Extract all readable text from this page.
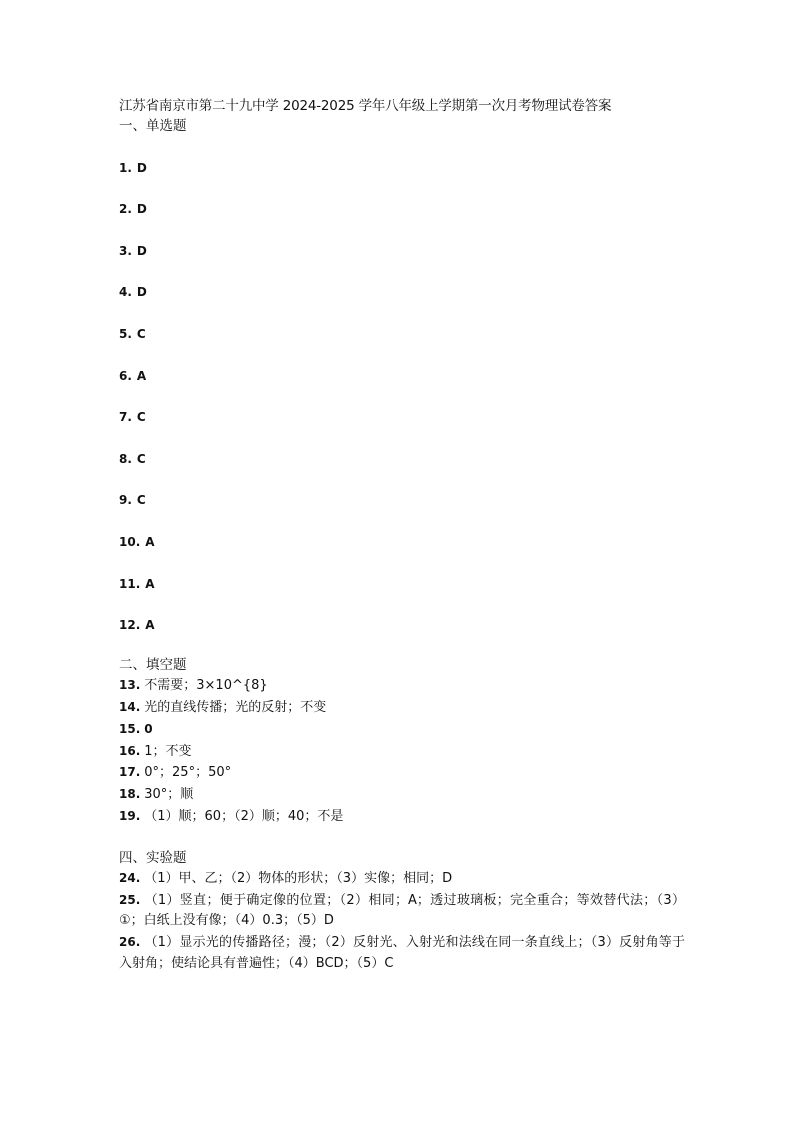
江苏省南京市第二十九中学 2024-2025 学年八年级上学期第一次月考物理试卷答案

一、单选题
1. D
2. D
3. D
4. D
5. C
6. A
7. C
8. C
9. C
10. A
11. A
12. A
二、填空题

13. 不需要；3×10^{8}

14. 光的直线传播；光的反射；不变

15. 0

16. 1；不变

17. 0°；25°；50°

18. 30°；顺

19. （1）顺；60；（2）顺；40；不是

四、实验题

24. （1）甲、乙；（2）物体的形状；（3）实像；相同；D

25. （1）竖直；便于确定像的位置；（2）相同；A；透过玻璃板；完全重合；等效替代法；（3）①；白纸上没有像；（4）0.3；（5）D

26. （1）显示光的传播路径；漫；（2）反射光、入射光和法线在同一条直线上；（3）反射角等于入射角；使结论具有普遍性；（4）BCD；（5）C
